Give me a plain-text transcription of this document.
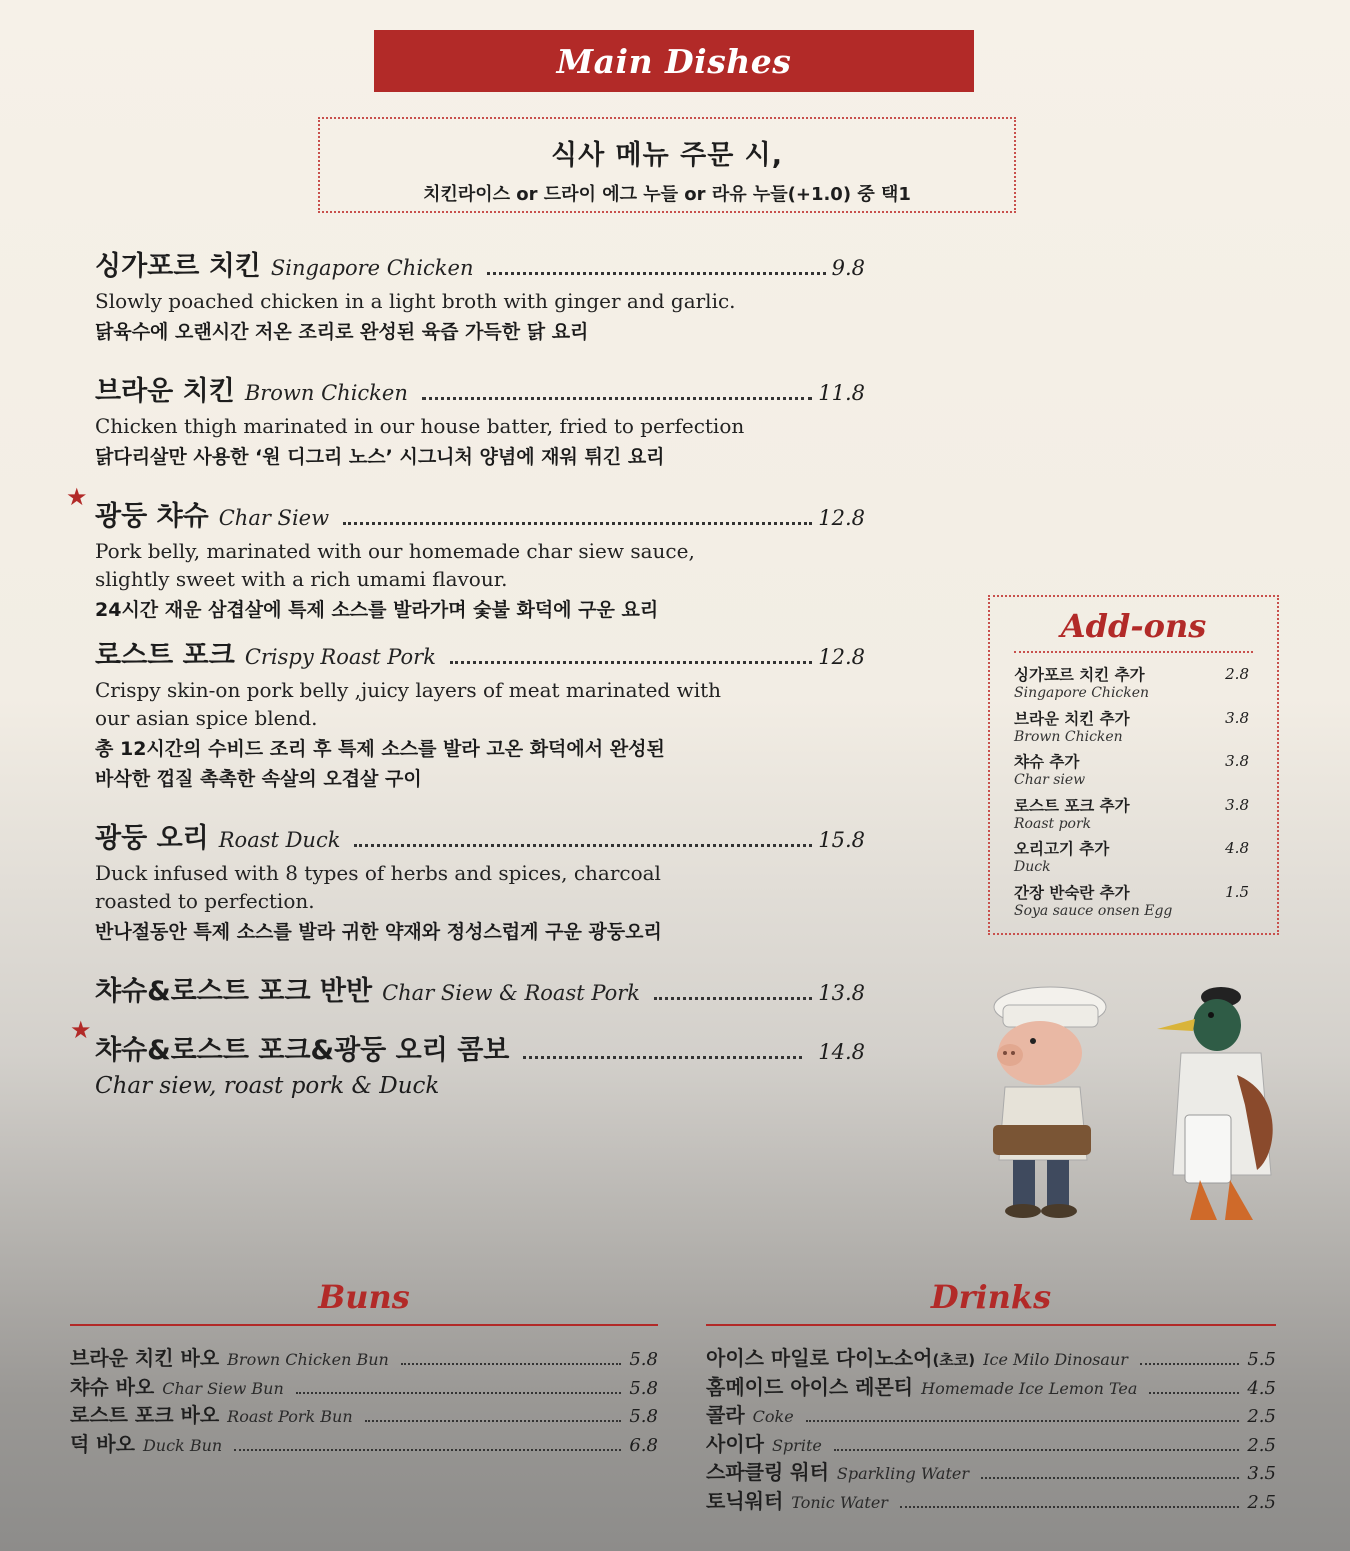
Main Dishes
식사 메뉴 주문 시,
치킨라이스 or 드라이 에그 누들 or 라유 누들(+1.0) 중 택1
싱가포르 치킨 Singapore Chicken	9.8
Slowly poached chicken in a light broth with ginger and garlic.
닭육수에 오랜시간 저온 조리로 완성된 육즙 가득한 닭 요리
브라운 치킨 Brown Chicken	11.8
Chicken thigh marinated in our house batter, fried to perfection
닭다리살만 사용한 ‘원 디그리 노스’ 시그니처 양념에 재워 튀긴 요리
★
광둥 챠슈 Char Siew	12.8
Pork belly, marinated with our homemade char siew sauce,
slightly sweet with a rich umami flavour.
24시간 재운 삼겹살에 특제 소스를 발라가며 숯불 화덕에 구운 요리
로스트 포크 Crispy Roast Pork	12.8
Crispy skin-on pork belly ,juicy layers of meat marinated with
our asian spice blend.
총 12시간의 수비드 조리 후 특제 소스를 발라 고온 화덕에서 완성된
바삭한 껍질 촉촉한 속살의 오겹살 구이
광둥 오리 Roast Duck	15.8
Duck infused with 8 types of herbs and spices, charcoal
roasted to perfection.
반나절동안 특제 소스를 발라 귀한 약재와 정성스럽게 구운 광둥오리
챠슈&로스트 포크 반반 Char Siew & Roast Pork	13.8
★
챠슈&로스트 포크&광둥 오리 콤보	14.8
Char siew, roast pork & Duck
Add-ons
싱가포르 치킨 추가
Singapore Chicken
2.8
브라운 치킨 추가
Brown Chicken
3.8
챠슈 추가
Char siew
3.8
로스트 포크 추가
Roast pork
3.8
오리고기 추가
Duck
4.8
간장 반숙란 추가
Soya sauce onsen Egg
1.5
Buns
브라운 치킨 바오 Brown Chicken Bun	5.8
챠슈 바오 Char Siew Bun	5.8
로스트 포크 바오 Roast Pork Bun	5.8
덕 바오 Duck Bun	6.8
Drinks
아이스 마일로 다이노소어(초코) Ice Milo Dinosaur	5.5
홈메이드 아이스 레몬티 Homemade Ice Lemon Tea	4.5
콜라 Coke	2.5
사이다 Sprite	2.5
스파클링 워터 Sparkling Water	3.5
토닉워터 Tonic Water	2.5
